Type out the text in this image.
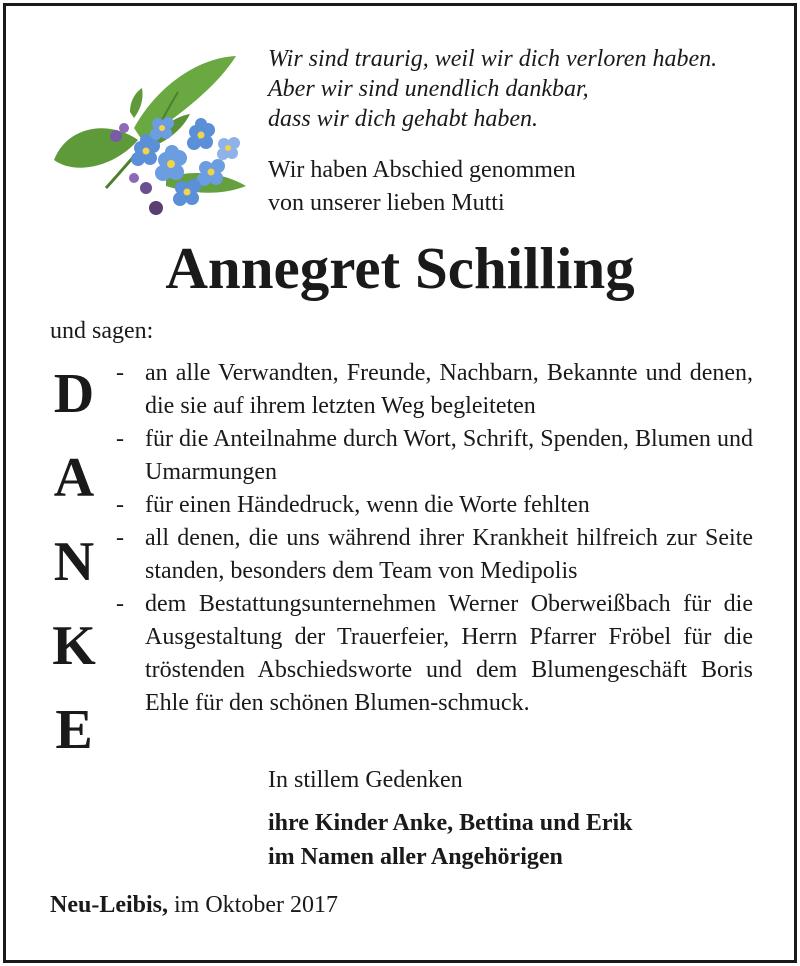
Wir sind traurig, weil wir dich verloren haben.
Aber wir sind unendlich dankbar,
dass wir dich gehabt haben.

Wir haben Abschied genommen
von unserer lieben Mutti

Annegret Schilling
und sagen:
D
A
N
K
E
-
-
-
-
-

an alle Verwandten, Freunde, Nachbarn, Bekannte und denen, die sie auf ihrem letzten Weg begleiteten

für die Anteilnahme durch Wort, Schrift, Spenden, Blumen und Umarmungen

für einen Händedruck, wenn die Worte fehlten

all denen, die uns während ihrer Krankheit hilfreich zur Seite standen, besonders dem Team von Medipolis

dem Bestattungsunternehmen Werner Oberweißbach für die Ausgestaltung der Trauerfeier, Herrn Pfarrer Fröbel für die tröstenden Abschiedsworte und dem Blumengeschäft Boris Ehle für den schönen Blumen-schmuck.

In stillem Gedenken

ihre Kinder Anke, Bettina und Erik
im Namen aller Angehörigen

Neu-Leibis, im Oktober 2017
